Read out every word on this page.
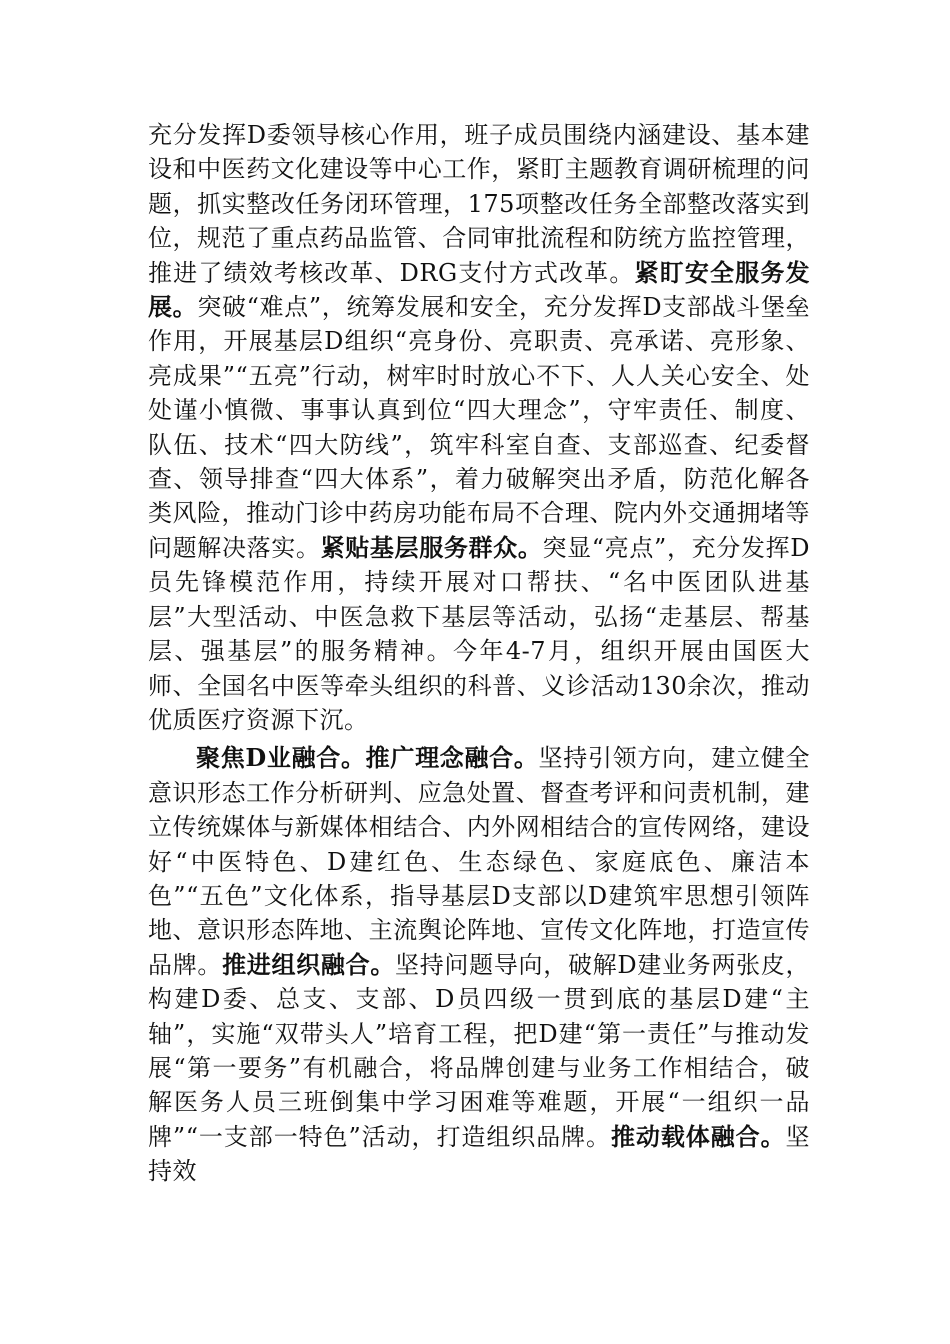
充分发挥D委领导核心作用，班子成员围绕内涵建设、基本建设和中医药文化建设等中心工作，紧盯主题教育调研梳理的问题，抓实整改任务闭环管理，175项整改任务全部整改落实到位，规范了重点药品监管、合同审批流程和防统方监控管理，推进了绩效考核改革、DRG支付方式改革。紧盯安全服务发展。突破“难点”，统筹发展和安全，充分发挥D支部战斗堡垒作用，开展基层D组织“亮身份、亮职责、亮承诺、亮形象、亮成果”“五亮”行动，树牢时时放心不下、人人关心安全、处处谨小慎微、事事认真到位“四大理念”，守牢责任、制度、队伍、技术“四大防线”，筑牢科室自查、支部巡查、纪委督查、领导排查“四大体系”，着力破解突出矛盾，防范化解各类风险，推动门诊中药房功能布局不合理、院内外交通拥堵等问题解决落实。紧贴基层服务群众。突显“亮点”，充分发挥D员先锋模范作用，持续开展对口帮扶、“名中医团队进基层”大型活动、中医急救下基层等活动，弘扬“走基层、帮基层、强基层”的服务精神。今年4-7月，组织开展由国医大师、全国名中医等牵头组织的科普、义诊活动130余次，推动优质医疗资源下沉。

聚焦D业融合。推广理念融合。坚持引领方向，建立健全意识形态工作分析研判、应急处置、督查考评和问责机制，建立传统媒体与新媒体相结合、内外网相结合的宣传网络，建设好“中医特色、D建红色、生态绿色、家庭底色、廉洁本色”“五色”文化体系，指导基层D支部以D建筑牢思想引领阵地、意识形态阵地、主流舆论阵地、宣传文化阵地，打造宣传品牌。推进组织融合。坚持问题导向，破解D建业务两张皮，构建D委、总支、支部、D员四级一贯到底的基层D建“主轴”，实施“双带头人”培育工程，把D建“第一责任”与推动发展“第一要务”有机融合，将品牌创建与业务工作相结合，破解医务人员三班倒集中学习困难等难题，开展“一组织一品牌”“一支部一特色”活动，打造组织品牌。推动载体融合。坚持效
